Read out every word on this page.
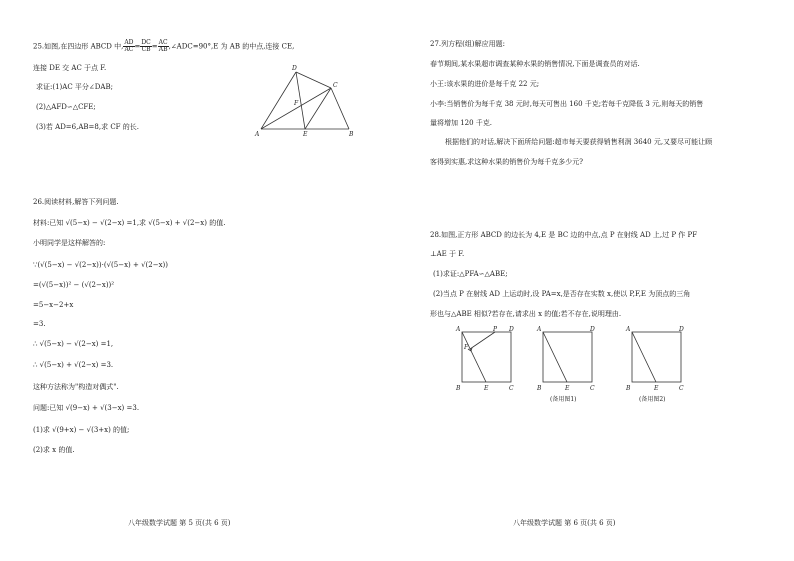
25.如图,在四边形 ABCD 中, $\frac{AD}{AC} = \frac{DC}{CB} = \frac{AC}{AB}$ ,∠ADC=90°,E 为 AB 的中点,连接 CE,
连接 DE 交 AC 于点 F.
求证:(1)AC 平分∠DAB;
(2)△AFD∽△CFE;
(3)若 AD=6,AB=8,求 CF 的长.
D
C
F
A	E	B
26.阅读材料,解答下列问题.
材料:已知 √(5−x) − √(2−x) =1,求 √(5−x) + √(2−x) 的值.
小明同学是这样解答的:
∵(√(5−x) − √(2−x))·(√(5−x) + √(2−x))
=(√(5−x))² − (√(2−x))²
=5−x−2+x
=3.
∴ √(5−x) − √(2−x) =1,
∴ √(5−x) + √(2−x) =3.
这种方法称为"构造对偶式".
问题:已知 √(9−x) + √(3−x) =3.
(1)求 √(9+x) − √(3+x) 的值;
(2)求 x 的值.
八年级数学试题 第 5 页(共 6 页)
27.列方程(组)解应用题:
春节期间,某水果超市调查某种水果的销售情况,下面是调查员的对话.
小王:该水果的进价是每千克 22 元;
小李:当销售价为每千克 38 元时,每天可售出 160 千克;若每千克降低 3 元,则每天的销售
量将增加 120 千克.
根据他们的对话,解决下面所给问题:超市每天要获得销售利润 3640 元,又要尽可能让顾
客得到实惠,求这种水果的销售价为每千克多少元?
28.如图,正方形 ABCD 的边长为 4,E 是 BC 边的中点,点 P 在射线 AD 上,过 P 作 PF
⊥AE 于 F.
(1)求证:△PFA∽△ABE;
(2)当点 P 在射线 AD 上运动时,设 PA=x,是否存在实数 x,使以 P,F,E 为顶点的三角
形也与△ABE 相似?若存在,请求出 x 的值;若不存在,说明理由.
A	P D
F
B	E	C
A	D
B	E	C
(备用图1)
A	D
B	E	C
(备用图2)
八年级数学试题 第 6 页(共 6 页)
